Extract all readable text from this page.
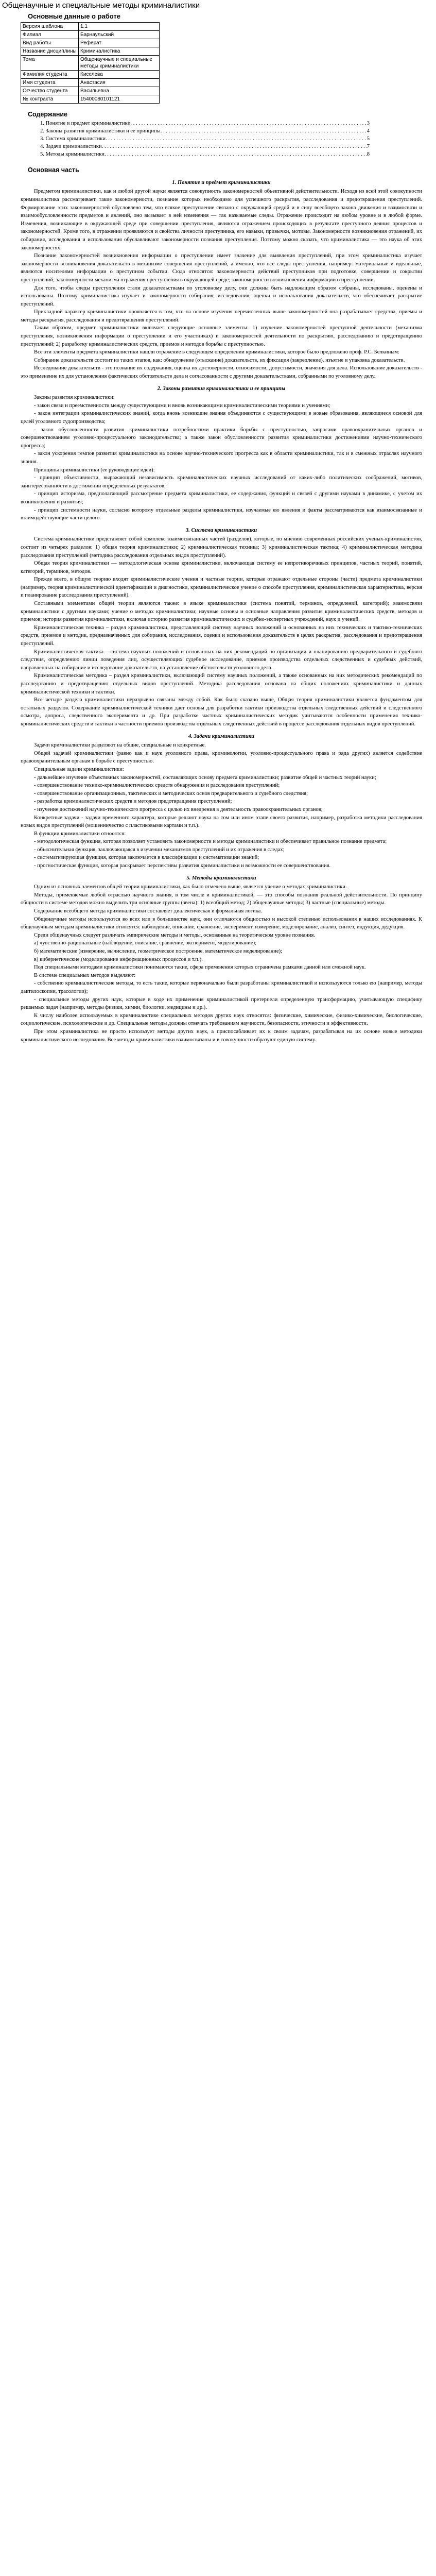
Общенаучные и специальные методы криминалистики
Основные данные о работе
Версия шаблона	1.1
Филиал	Барнаульский
Вид работы	Реферат
Название дисциплины	Криминалистика
Тема	Общенаучные и специальные методы криминалистики
Фамилия студента	Киселева
Имя студента	Анастасия
Отчество студента	Васильевна
№ контракта	15400080101121
Содержание
1. Понятие и предмет криминалистики . . .	3
2. Законы развития криминалистики и ее принципы . . .	4
3. Система криминалистики . . .	5
4. Задачи криминалистики . . .	7
5. Методы криминалистики . . .	8
Основная часть
1. Понятие и предмет криминалистики

Предметом криминалистики, как и любой другой науки является совокупность закономерностей объективной действительности. Исходя из всей этой совокупности криминалистика рассматривает такие закономерности, познание которых необходимо для успешного раскрытия, расследования и предотвращения преступлений. Формирование этих закономерностей обусловлено тем, что всякое преступление связано с окружающей средой и в силу всеобщего закона движения и взаимосвязи и взаимообусловленности предметов и явлений, оно вызывает в ней изменения — так называемые следы. Отражение происходит на любом уровне и в любой форме. Изменения, возникающие в окружающей среде при совершении преступления, являются отражением происходящих в результате преступного деяния процессов и закономерностей. Кроме того, в отражении проявляются и свойства личности преступника, его навыки, привычки, мотивы. Закономерности возникновения отражений, их собирания, исследования и использования обуславливают закономерности познания преступления. Поэтому можно сказать, что криминалистика — это наука об этих закономерностях.

Познание закономерностей возникновения информации о преступлении имеет значение для выявления преступлений, при этом криминалистика изучает закономерности возникновения доказательств в механизме совершения преступлений, а именно, что все следы преступления, например: материальные и идеальные, являются носителями информации о преступном событии. Сюда относятся: закономерности действий преступников при подготовке, совершении и сокрытии преступлений; закономерности механизма отражения преступления в окружающей среде; закономерности возникновения информации о преступлении.

Для того, чтобы следы преступления стали доказательствами по уголовному делу, они должны быть надлежащим образом собраны, исследованы, оценены и использованы. Поэтому криминалистика изучает и закономерности собирания, исследования, оценки и использования доказательств, что обеспечивает раскрытие преступлений.

Прикладной характер криминалистики проявляется в том, что на основе изучения перечисленных выше закономерностей она разрабатывает средства, приемы и методы раскрытия, расследования и предотвращения преступлений.

Таким образом, предмет криминалистики включает следующие основные элементы: 1) изучение закономерностей преступной деятельности (механизма преступления, возникновения информации о преступлении и его участниках) и закономерностей деятельности по раскрытию, расследованию и предотвращению преступлений; 2) разработку криминалистических средств, приемов и методов борьбы с преступностью.

Все эти элементы предмета криминалистики нашли отражение в следующем определении криминалистики, которое было предложено проф. Р.С. Белкиным:

Собирание доказательств состоит из таких этапов, как: обнаружение (отыскание) доказательств, их фиксация (закрепление), изъятие и упаковка доказательств.

Исследование доказательств - это познание их содержания, оценка их достоверности, относимости, допустимости, значения для дела. Использование доказательств - это применение их для установления фактических обстоятельств дела и согласованности с другими доказательствами, собранными по уголовному делу.

2. Законы развития криминалистики и ее принципы

Законы развития криминалистики:

- закон связи и преемственности между существующими и вновь возникающими криминалистическими теориями и учениями;

- закон интеграции криминалистических знаний, когда вновь возникшие знания объединяются с существующими в новые образования, являющиеся основой для целей уголовного судопроизводства;

- закон обусловленности развития криминалистики потребностями практики борьбы с преступностью, запросами правоохранительных органов и совершенствованием уголовно-процессуального законодательства; а также закон обусловленности развития криминалистики достижениями научно-технического прогресса;

- закон ускорения темпов развития криминалистики на основе научно-технического прогресса как в области криминалистики, так и в смежных отраслях научного знания.

Принципы криминалистики (ее руководящие идеи):

- принцип объективности, выражающий независимость криминалистических научных исследований от каких-либо политических соображений, мотивов, заинтересованности в достижении определенных результатов;

- принцип историзма, предполагающий рассмотрение предмета криминалистики, ее содержания, функций и связей с другими науками в динамике, с учетом их возникновения и развития;

- принцип системности науки, согласно которому отдельные разделы криминалистики, изучаемые ею явления и факты рассматриваются как взаимосвязанные и взаимодействующие части целого.

3. Система криминалистики

Система криминалистики представляет собой комплекс взаимосвязанных частей (разделов), которые, по мнению современных российских ученых-криминалистов, состоит из четырех разделов: 1) общая теория криминалистики; 2) криминалистическая техника; 3) криминалистическая тактика; 4) криминалистическая методика расследования преступлений (методика расследования отдельных видов преступлений).

Общая теория криминалистики — методологическая основа криминалистики, включающая систему ее непротиворечивых принципов, частных теорий, понятий, категорий, терминов, методов.

Прежде всего, в общую теорию входят криминалистические учения и частные теории, которые отражают отдельные стороны (части) предмета криминалистики (например, теория криминалистической идентификации и диагностики, криминалистическое учение о способе преступления, криминалистическая характеристика, версия и планирование расследования преступлений).

Составными элементами общей теории являются также: в языке криминалистики (система понятий, терминов, определений, категорий); взаимосвязи криминалистики с другими науками; учение о методах криминалистики; научные основы и основные направления развития криминалистических средств, методов и приемов; история развития криминалистики, включая историю развития криминалистических и судебно-экспертных учреждений, наук и учений.

Криминалистическая техника – раздел криминалистики, представляющий систему научных положений и основанных на них технических и тактико-технических средств, приемов и методик, предназначенных для собирания, исследования, оценки и использования доказательств в целях раскрытия, расследования и предотвращения преступлений.

Криминалистическая тактика – система научных положений и основанных на них рекомендаций по организации и планированию предварительного и судебного следствия, определению линии поведения лиц, осуществляющих судебное исследование, приемов производства отдельных следственных и судебных действий, направленных на собирание и исследование доказательств, на установление обстоятельств уголовного дела.

Криминалистическая методика – раздел криминалистики, включающий систему научных положений, а также основанных на них методических рекомендаций по расследованию и предотвращению отдельных видов преступлений. Методика расследования основана на общих положениях криминалистики и данных криминалистической техники и тактики.

Все четыре раздела криминалистики неразрывно связаны между собой. Как было сказано выше, Общая теория криминалистики является фундаментом для остальных разделов. Содержание криминалистической техники дает основы для разработки тактики производства отдельных следственных действий и следственного осмотра, допроса, следственного эксперимента и др. При разработке частных криминалистических методик учитываются особенности применения технико-криминалистических средств и тактики в частности приемов производства отдельных следственных действий в процессе расследования отдельных видов преступлений.

4. Задачи криминалистики

Задачи криминалистики разделяют на общие, специальные и конкретные.

Общей задачей криминалистики (равно как и наук уголовного права, криминологии, уголовно-процессуального права и ряда других) является содействие правоохранительным органам в борьбе с преступностью.

Специальные задачи криминалистики:

- дальнейшее изучение объективных закономерностей, составляющих основу предмета криминалистики; развитие общей и частных теорий науки;

- совершенствование технико-криминалистических средств обнаружения и расследования преступлений;

- совершенствование организационных, тактических и методических основ предварительного и судебного следствия;

- разработка криминалистических средств и методов предотвращения преступлений;

- изучение достижений научно-технического прогресса с целью их внедрения в деятельность правоохранительных органов;

Конкретные задачи - задачи временного характера, которые решают наука на том или ином этапе своего развития, например, разработка методики расследования новых видов преступлений (мошенничество с пластиковыми картами и т.п.).

В функции криминалистики относятся:

- методологическая функция, которая позволяет установить закономерности и методы криминалистики и обеспечивает правильное познание предмета;

- объяснительная функция, заключающаяся в изучении механизмов преступлений и их отражения в следах;

- систематизирующая функция, которая заключается в классификации и систематизации знаний;

- прогностическая функция, которая раскрывает перспективы развития криминалистики и возможности ее совершенствования.

5. Методы криминалистики

Одним из основных элементов общей теории криминалистики, как было отмечено выше, является учение о методах криминалистики.

Методы, применяемые любой отраслью научного знания, в том числе и криминалистикой, — это способы познания реальной действительности. По принципу общности в системе методов можно выделить три основные группы (звена): 1) всеобщий метод; 2) общенаучные методы; 3) частные (специальные) методы.

Содержание всеобщего метода криминалистики составляет диалектическая и формальная логика.

Общенаучные методы используются во всех или в большинстве наук, они отличаются общностью и высокой степенью использования в наших исследованиях. К общенаучным методам криминалистики относятся: наблюдение, описание, сравнение, эксперимент, измерение, моделирование, анализ, синтез, индукция, дедукция.

Среди общенаучных следует различать эмпирические методы и методы, основанные на теоретическом уровне познания.

а) чувственно-рациональные (наблюдение, описание, сравнение, эксперимент, моделирование);

б) математические (измерение, вычисление, геометрическое построение, математическое моделирование);

в) кибернетические (моделирование информационных процессов и т.п.).

Под специальными методами криминалистики понимаются такие, сфера применения которых ограничена рамками данной или смежной наук.

В системе специальных методов выделяют:

- собственно криминалистические методы, то есть такие, которые первоначально были разработаны криминалистикой и используются только ею (например, методы дактилоскопии, трасологии);

- специальные методы других наук, которые в ходе их применения криминалистикой претерпели определенную трансформацию, учитывающую специфику решаемых задач (например, методы физики, химии, биологии, медицины и др.).

К числу наиболее используемых в криминалистике специальных методов других наук относятся: физические, химические, физико-химические, биологические, социологические, психологические и др. Специальные методы должны отвечать требованиям научности, безопасности, этичности и эффективности.

При этом криминалистика не просто использует методы других наук, а приспосабливает их к своим задачам, разрабатывая на их основе новые методики криминалистического исследования. Все методы криминалистики взаимосвязаны и в совокупности образуют единую систему.
